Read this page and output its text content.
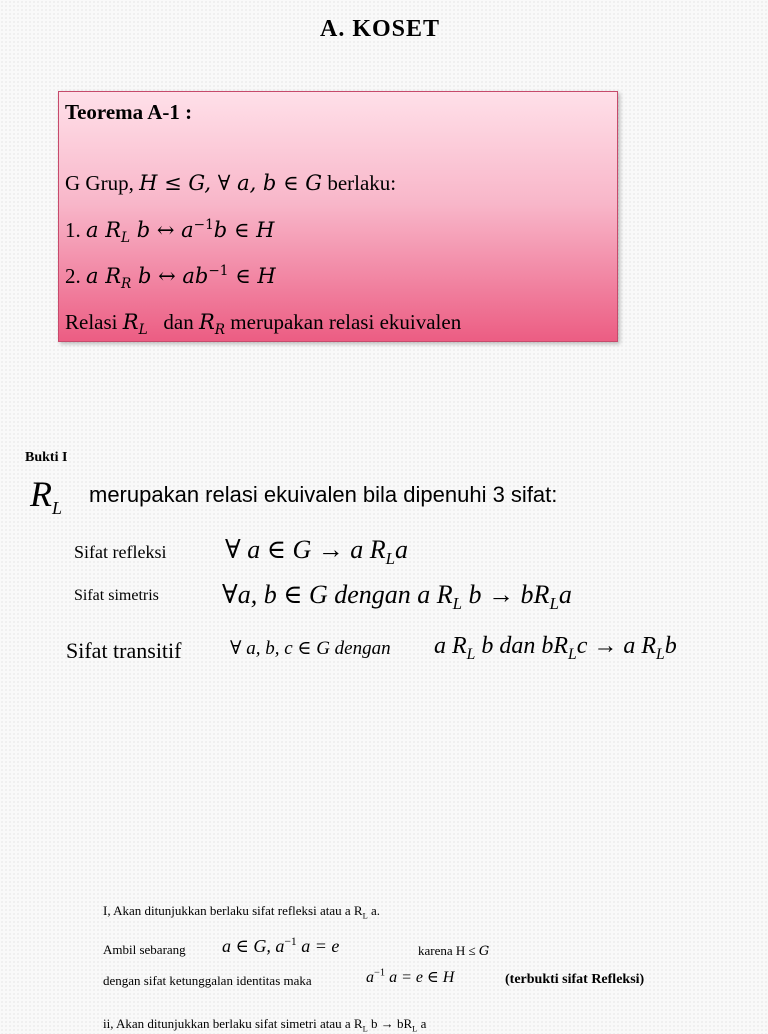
A. KOSET
Teorema A-1 :
G Grup, H ≤ G, ∀ a, b ∈ G berlaku:
1. a $R_L$ b ↔ $a^{-1}b$ ∈ H
2. a $R_R$ b ↔ $ab^{-1}$ ∈ H
Relasi $R_L$   dan $R_R$ merupakan relasi ekuivalen
Bukti I
$R_L$
merupakan relasi ekuivalen bila dipenuhi 3 sifat:
Sifat refleksi ∀ a ∈ G → a $R_La$
Sifat simetris ∀a, b ∈ G dengan a $R_L$ $b \to bR_La$
Sifat transitif	∀ a, b, c ∈ G dengan a $R_L$ b dan $bR_Lc \to a$ $R_Lb$
I, Akan ditunjukkan berlaku sifat refleksi atau a $R_L$ a.
Ambil sebarang a ∈ G, $a^{-1}$ a = e	karena H ≤ G
dengan sifat ketunggalan identitas maka	$a^{-1}$ a = e ∈ H	(terbukti sifat Refleksi)
ii, Akan ditunjukkan berlaku sifat simetri atau a $R_L$ $b \to bR_L$ a
